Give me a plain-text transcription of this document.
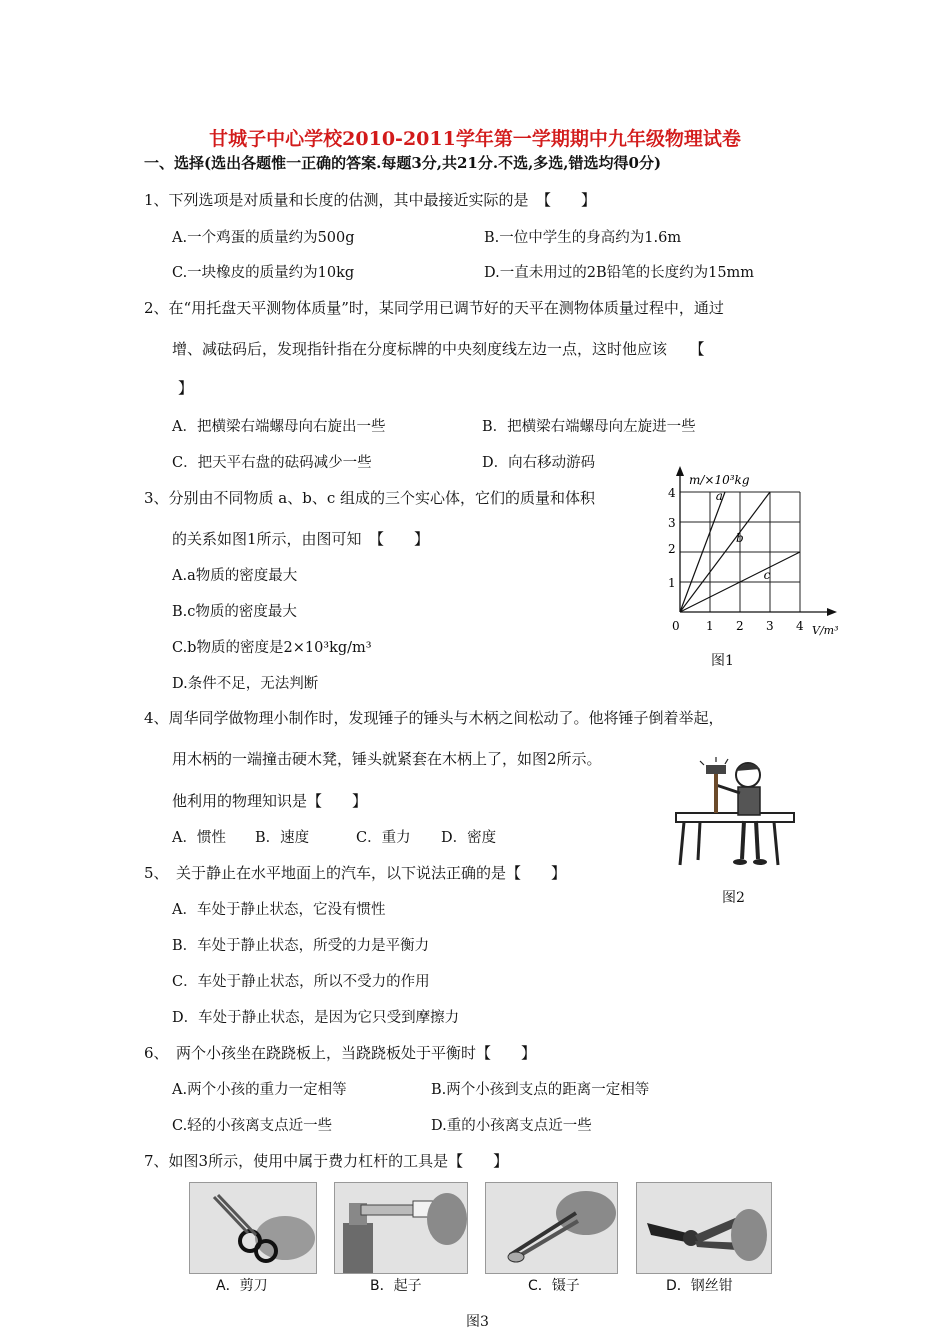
甘城子中心学校2010-2011学年第一学期期中九年级物理试卷
一、选择(选出各题惟一正确的答案.每题3分,共21分.不选,多选,错选均得0分)
1、下列选项是对质量和长度的估测，其中最接近实际的是　【　　】
A.一个鸡蛋的质量约为500g	B.一位中学生的身高约为1.6m
C.一块橡皮的质量约为10kg	D.一直未用过的2B铅笔的长度约为15mm
2、在“用托盘天平测物体质量”时，某同学用已调节好的天平在测物体质量过程中，通过
增、减砝码后，发现指针指在分度标牌的中央刻度线左边一点，这时他应该　　【
】
A．把横梁右端螺母向右旋出一些	B．把横梁右端螺母向左旋进一些
C．把天平右盘的砝码减少一些	D．向右移动游码
3、分别由不同物质 a、b、c 组成的三个实心体，它们的质量和体积
的关系如图1所示，由图可知　【　　】
A.a物质的密度最大
B.c物质的密度最大
C.b物质的密度是2×10³kg/m³
D.条件不足，无法判断
a
b
c
m/×10³kg
V/m³
1
2
3
4
0 1 2 3 4
图1
4、周华同学做物理小制作时，发现锤子的锤头与木柄之间松动了。他将锤子倒着举起，
用木柄的一端撞击硬木凳，锤头就紧套在木柄上了，如图2所示。
他利用的物理知识是【　　】
A．惯性 B．速度	C．重力 D．密度
图2
5、　关于静止在水平地面上的汽车，以下说法正确的是【　　】
A．车处于静止状态，它没有惯性
B．车处于静止状态，所受的力是平衡力
C．车处于静止状态，所以不受力的作用
D．车处于静止状态，是因为它只受到摩擦力
6、　两个小孩坐在跷跷板上，当跷跷板处于平衡时【　　】
A.两个小孩的重力一定相等	B.两个小孩到支点的距离一定相等
C.轻的小孩离支点近一些	D.重的小孩离支点近一些
7、如图3所示，使用中属于费力杠杆的工具是【　　】
A．剪刀	B．起子	C．镊子	D．钢丝钳
图3
